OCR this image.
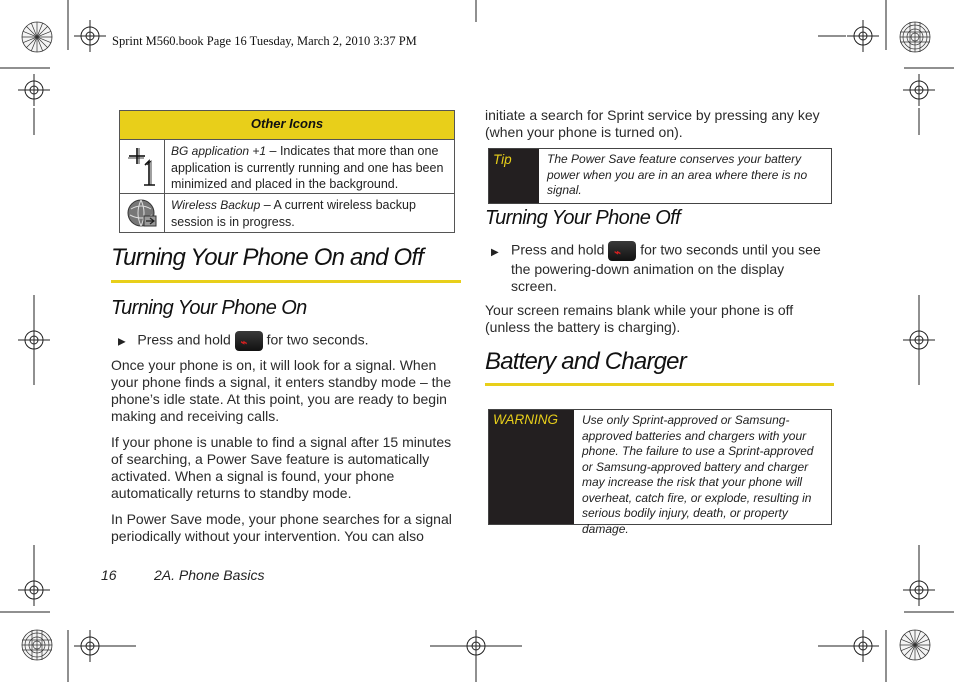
Sprint M560.book Page 16 Tuesday, March 2, 2010 3:37 PM
Other Icons
BG application +1 – Indicates that more than one application is currently running and one has been minimized and placed in the background.
Wireless Backup – A current wireless backup session is in progress.
Turning Your Phone On and Off
Turning Your Phone On
▶ Press and hold ⌁ for two seconds.
Once your phone is on, it will look for a signal. When your phone finds a signal, it enters standby mode – the phone’s idle state. At this point, you are ready to begin making and receiving calls.
If your phone is unable to find a signal after 15 minutes of searching, a Power Save feature is automatically activated. When a signal is found, your phone automatically returns to standby mode.
In Power Save mode, your phone searches for a signal periodically without your intervention. You can also
initiate a search for Sprint service by pressing any key (when your phone is turned on).
Tip	The Power Save feature conserves your battery power when you are in an area where there is no signal.
Turning Your Phone Off
▶ Press and hold ⌁ for two seconds until you see the powering-down animation on the display screen.
Your screen remains blank while your phone is off (unless the battery is charging).
Battery and Charger
WARNING	Use only Sprint-approved or Samsung-approved batteries and chargers with your phone. The failure to use a Sprint-approved or Samsung-approved battery and charger may increase the risk that your phone will overheat, catch fire, or explode, resulting in serious bodily injury, death, or property damage.
16	2A. Phone Basics
